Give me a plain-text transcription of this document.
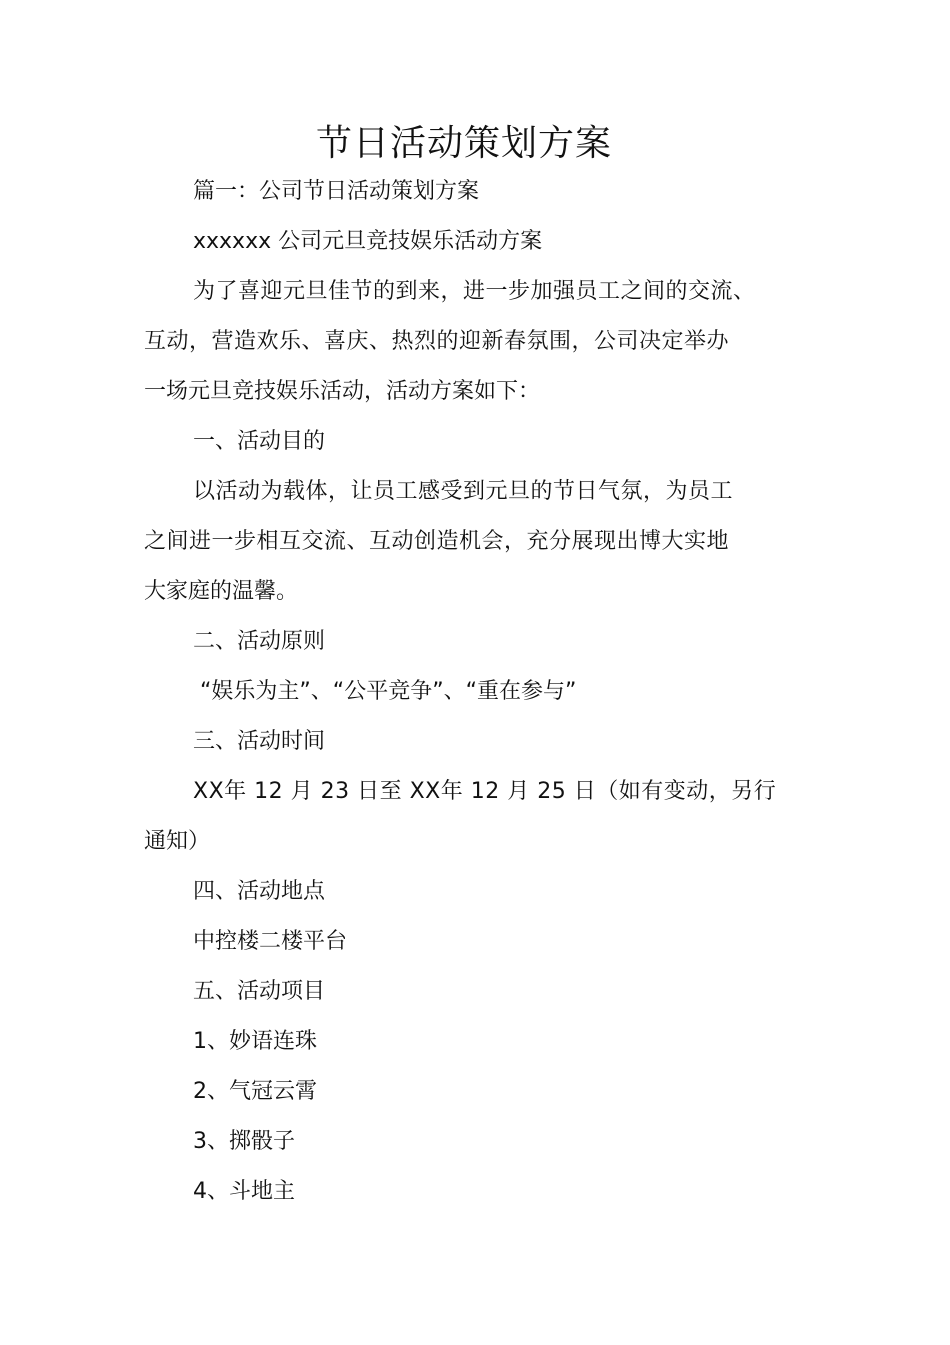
节日活动策划方案
篇一：公司节日活动策划方案
xxxxxx 公司元旦竞技娱乐活动方案
为了喜迎元旦佳节的到来，进一步加强员工之间的交流、
互动，营造欢乐、喜庆、热烈的迎新春氛围，公司决定举办
一场元旦竞技娱乐活动，活动方案如下：
一、活动目的
以活动为载体，让员工感受到元旦的节日气氛，为员工
之间进一步相互交流、互动创造机会，充分展现出博大实地
大家庭的温馨。
二、活动原则
“娱乐为主”、“公平竞争”、“重在参与”
三、活动时间
XX年 12 月 23 日至 XX年 12 月 25 日（如有变动，另行
通知）
四、活动地点
中控楼二楼平台
五、活动项目
1、妙语连珠
2、气冠云霄
3、掷骰子
4、斗地主
